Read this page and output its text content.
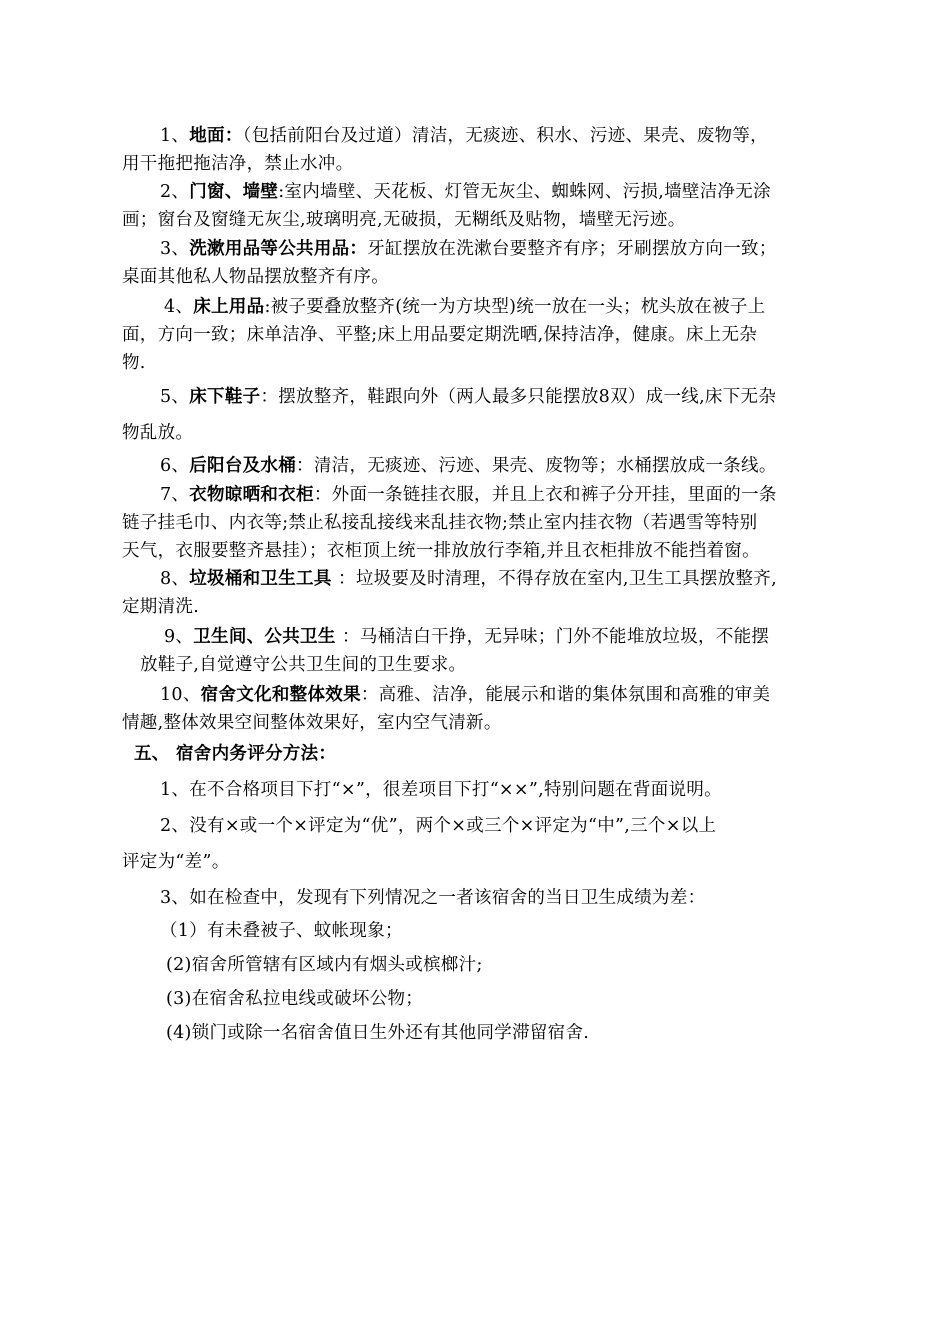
1、地面：（包括前阳台及过道）清洁，无痰迹、积水、污迹、果壳、废物等，
用干拖把拖洁净，禁止水冲。
2、门窗、墙壁:室内墙壁、天花板、灯管无灰尘、蜘蛛网、污损,墙壁洁净无涂
画；窗台及窗缝无灰尘,玻璃明亮,无破损，无糊纸及贴物，墙壁无污迹。
3、洗漱用品等公共用品：牙缸摆放在洗漱台要整齐有序；牙刷摆放方向一致；
桌面其他私人物品摆放整齐有序。
4、床上用品:被子要叠放整齐(统一为方块型)统一放在一头；枕头放在被子上
面，方向一致；床单洁净、平整;床上用品要定期洗晒,保持洁净，健康。床上无杂
物.
5、床下鞋子：摆放整齐，鞋跟向外（两人最多只能摆放8双）成一线,床下无杂
物乱放。
6、后阳台及水桶：清洁，无痰迹、污迹、果壳、废物等；水桶摆放成一条线。
7、衣物晾晒和衣柜：外面一条链挂衣服，并且上衣和裤子分开挂，里面的一条
链子挂毛巾、内衣等;禁止私接乱接线来乱挂衣物;禁止室内挂衣物（若遇雪等特别
天气，衣服要整齐悬挂）；衣柜顶上统一排放放行李箱,并且衣柜排放不能挡着窗。
8、垃圾桶和卫生工具 ：垃圾要及时清理，不得存放在室内,卫生工具摆放整齐,
定期清洗.
9、卫生间、公共卫生 ：马桶洁白干挣，无异味；门外不能堆放垃圾，不能摆
放鞋子,自觉遵守公共卫生间的卫生要求。
10、宿舍文化和整体效果：高雅、洁净，能展示和谐的集体氛围和高雅的审美
情趣,整体效果空间整体效果好，室内空气清新。
五、 宿舍内务评分方法：
1、在不合格项目下打“×”，很差项目下打“××”,特别问题在背面说明。
2、没有×或一个×评定为“优”，两个×或三个×评定为“中”,三个×以上
评定为“差”。
3、如在检查中，发现有下列情况之一者该宿舍的当日卫生成绩为差：
（1）有未叠被子、蚊帐现象；
(2)宿舍所管辖有区域内有烟头或槟榔汁;
(3)在宿舍私拉电线或破坏公物；
(4)锁门或除一名宿舍值日生外还有其他同学滞留宿舍.
